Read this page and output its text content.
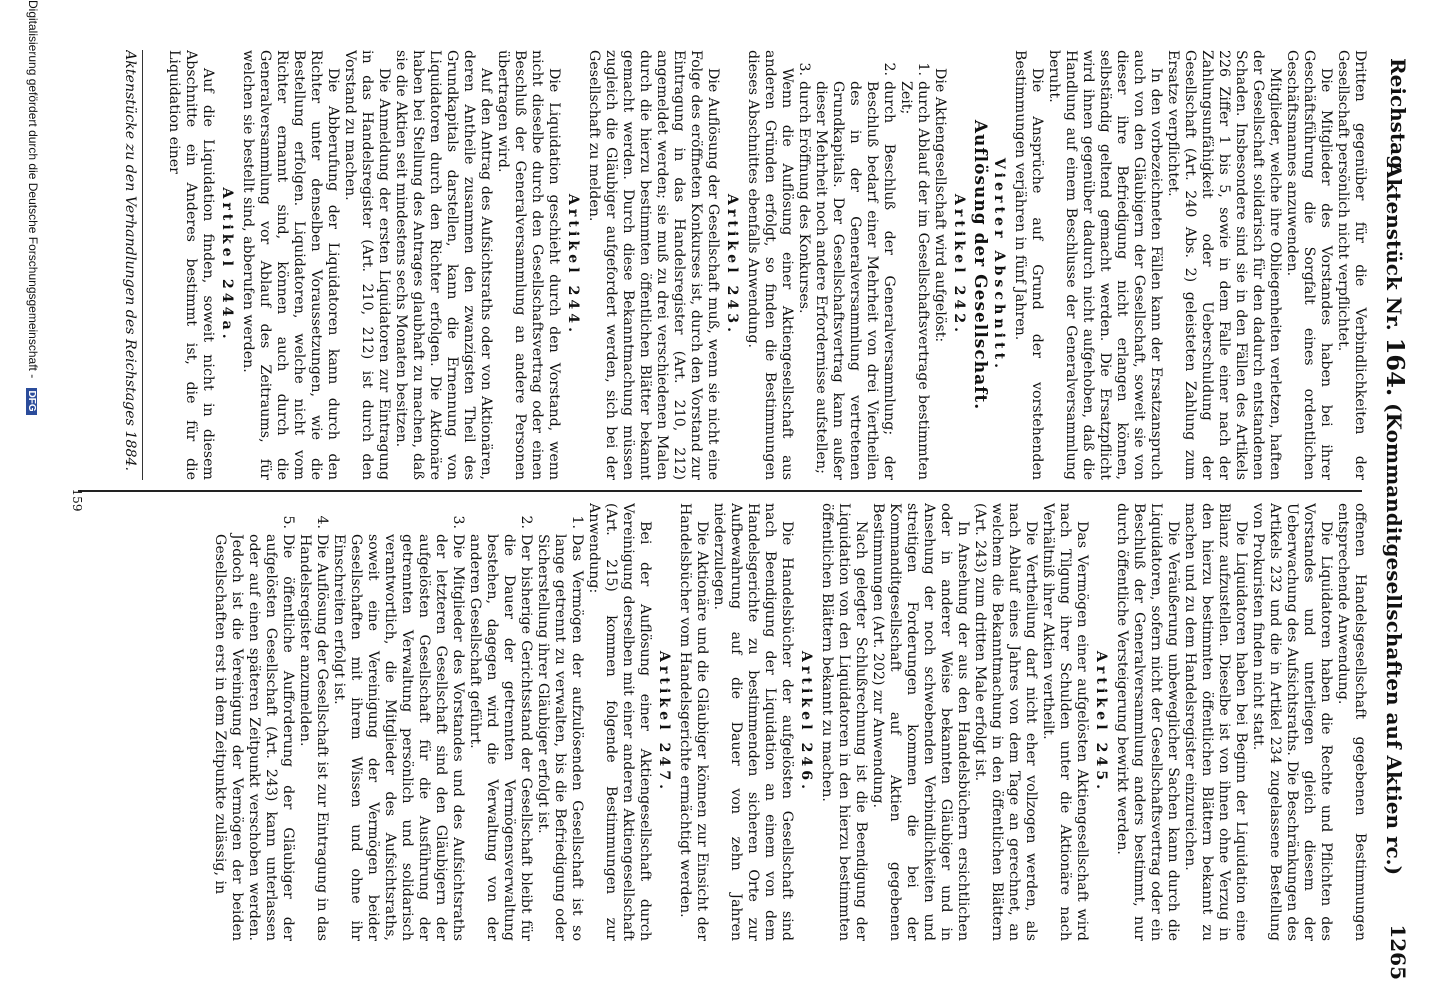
Reichstag.
Aktenstück Nr. 164. (Kommanditgesellschaften auf Aktien rc.)
1265

Dritten gegenüber für die Verbindlichkeiten der Gesellschaft persönlich nicht verpflichtet.

Die Mitglieder des Vorstandes haben bei ihrer Geschäftsführung die Sorgfalt eines ordentlichen Geschäftsmannes anzuwenden.

Mitglieder, welche ihre Obliegenheiten verletzen, haften der Gesellschaft solidarisch für den dadurch entstandenen Schaden. Insbesondere sind sie in den Fällen des Artikels 226 Ziffer 1 bis 5, sowie in dem Falle einer nach der Zahlungsunfähigkeit oder Ueberschuldung der Gesellschaft (Art. 240 Abs. 2) geleisteten Zahlung zum Ersatze verpflichtet.

In den vorbezeichneten Fällen kann der Ersatzanspruch auch von den Gläubigern der Gesellschaft, soweit sie von dieser ihre Befriedigung nicht erlangen können, selbständig geltend gemacht werden. Die Ersatzpflicht wird ihnen gegenüber dadurch nicht aufgehoben, daß die Handlung auf einem Beschlusse der Generalversammlung beruht.

Die Ansprüche auf Grund der vorstehenden Bestimmungen verjähren in fünf Jahren.

Vierter Abschnitt.

Auflösung der Gesellschaft.

Artikel 242.

Die Aktiengesellschaft wird aufgelöst:

1.
durch Ablauf der im Gesellschaftsvertrage bestimmten Zeit;
2.
durch Beschluß der Generalversammlung; der Beschluß bedarf einer Mehrheit von drei Viertheilen des in der Generalversammlung vertretenen Grundkapitals. Der Gesellschaftsvertrag kann außer dieser Mehrheit noch andere Erfordernisse aufstellen;
3.
durch Eröffnung des Konkurses.

Wenn die Auflösung einer Aktiengesellschaft aus anderen Gründen erfolgt, so finden die Bestimmungen dieses Abschnittes ebenfalls Anwendung.

Artikel 243.

Die Auflösung der Gesellschaft muß, wenn sie nicht eine Folge des eröffneten Konkurses ist, durch den Vorstand zur Eintragung in das Handelsregister (Art. 210, 212) angemeldet werden; sie muß zu drei verschiedenen Malen durch die hierzu bestimmten öffentlichen Blätter bekannt gemacht werden. Durch diese Bekanntmachung müssen zugleich die Gläubiger aufgefordert werden, sich bei der Gesellschaft zu melden.

Artikel 244.

Die Liquidation geschieht durch den Vorstand, wenn nicht dieselbe durch den Gesellschaftsvertrag oder einen Beschluß der Generalversammlung an andere Personen übertragen wird.

Auf den Antrag des Aufsichtsraths oder von Aktionären, deren Antheile zusammen den zwanzigsten Theil des Grundkapitals darstellen, kann die Ernennung von Liquidatoren durch den Richter erfolgen. Die Aktionäre haben bei Stellung des Antrages glaubhaft zu machen, daß sie die Aktien seit mindestens sechs Monaten besitzen.

Die Anmeldung der ersten Liquidatoren zur Eintragung in das Handelsregister (Art. 210, 212) ist durch den Vorstand zu machen.

Die Abberufung der Liquidatoren kann durch den Richter unter denselben Voraussetzungen, wie die Bestellung erfolgen. Liquidatoren, welche nicht vom Richter ernannt sind, können auch durch die Generalversammlung vor Ablauf des Zeitraums, für welchen sie bestellt sind, abberufen werden.

Artikel 244a.

Auf die Liquidation finden, soweit nicht in diesem Abschnitte ein Anderes bestimmt ist, die für die Liquidation einer

Aktenstücke zu den Verhandlungen des Reichstages 1884.

offenen Handelsgesellschaft gegebenen Bestimmungen entsprechende Anwendung.

Die Liquidatoren haben die Rechte und Pflichten des Vorstandes und unterliegen gleich diesem der Ueberwachung des Aufsichtsraths. Die Beschränkungen des Artikels 232 und die in Artikel 234 zugelassene Bestellung von Prokuristen finden nicht statt.

Die Liquidatoren haben bei Beginn der Liquidation eine Bilanz aufzustellen. Dieselbe ist von ihnen ohne Verzug in den hierzu bestimmten öffentlichen Blättern bekannt zu machen und zu dem Handelsregister einzureichen.

Die Veräußerung unbeweglicher Sachen kann durch die Liquidatoren, sofern nicht der Gesellschaftsvertrag oder ein Beschluß der Generalversammlung anders bestimmt, nur durch öffentliche Versteigerung bewirkt werden.

Artikel 245.

Das Vermögen einer aufgelösten Aktiengesellschaft wird nach Tilgung ihrer Schulden unter die Aktionäre nach Verhältniß ihrer Aktien vertheilt.

Die Vertheilung darf nicht eher vollzogen werden, als nach Ablauf eines Jahres von dem Tage an gerechnet, an welchem die Bekanntmachung in den öffentlichen Blättern (Art. 243) zum dritten Male erfolgt ist.

In Ansehung der aus den Handelsbüchern ersichtlichen oder in anderer Weise bekannten Gläubiger und in Ansehung der noch schwebenden Verbindlichkeiten und streitigen Forderungen kommen die bei der Kommanditgesellschaft auf Aktien gegebenen Bestimmungen (Art. 202) zur Anwendung.

Nach gelegter Schlußrechnung ist die Beendigung der Liquidation von den Liquidatoren in den hierzu bestimmten öffentlichen Blättern bekannt zu machen.

Artikel 246.

Die Handelsbücher der aufgelösten Gesellschaft sind nach Beendigung der Liquidation an einem von dem Handelsgerichte zu bestimmenden sicheren Orte zur Aufbewahrung auf die Dauer von zehn Jahren niederzulegen.

Die Aktionäre und die Gläubiger können zur Einsicht der Handelsbücher vom Handelsgerichte ermächtigt werden.

Artikel 247.

Bei der Auflösung einer Aktiengesellschaft durch Vereinigung derselben mit einer anderen Aktiengesellschaft (Art. 215) kommen folgende Bestimmungen zur Anwendung:

1.
Das Vermögen der aufzulösenden Gesellschaft ist so lange getrennt zu verwalten, bis die Befriedigung oder Sicherstellung ihrer Gläubiger erfolgt ist.
2.
Der bisherige Gerichtsstand der Gesellschaft bleibt für die Dauer der getrennten Vermögensverwaltung bestehen, dagegen wird die Verwaltung von der anderen Gesellschaft geführt.
3.
Die Mitglieder des Vorstandes und des Aufsichtsraths der letzteren Gesellschaft sind den Gläubigern der aufgelösten Gesellschaft für die Ausführung der getrennten Verwaltung persönlich und solidarisch verantwortlich, die Mitglieder des Aufsichtsraths, soweit eine Vereinigung der Vermögen beider Gesellschaften mit ihrem Wissen und ohne ihr Einschreiten erfolgt ist.
4.
Die Auflösung der Gesellschaft ist zur Eintragung in das Handelsregister anzumelden.
5.
Die öffentliche Aufforderung der Gläubiger der aufgelösten Gesellschaft (Art. 243) kann unterlassen oder auf einen späteren Zeitpunkt verschoben werden. Jedoch ist die Vereinigung der Vermögen der beiden Gesellschaften erst in dem Zeitpunkte zulässig, in
159
Digitalisierung gefördert durch die Deutsche Forschungsgemeinschaft - DFG
